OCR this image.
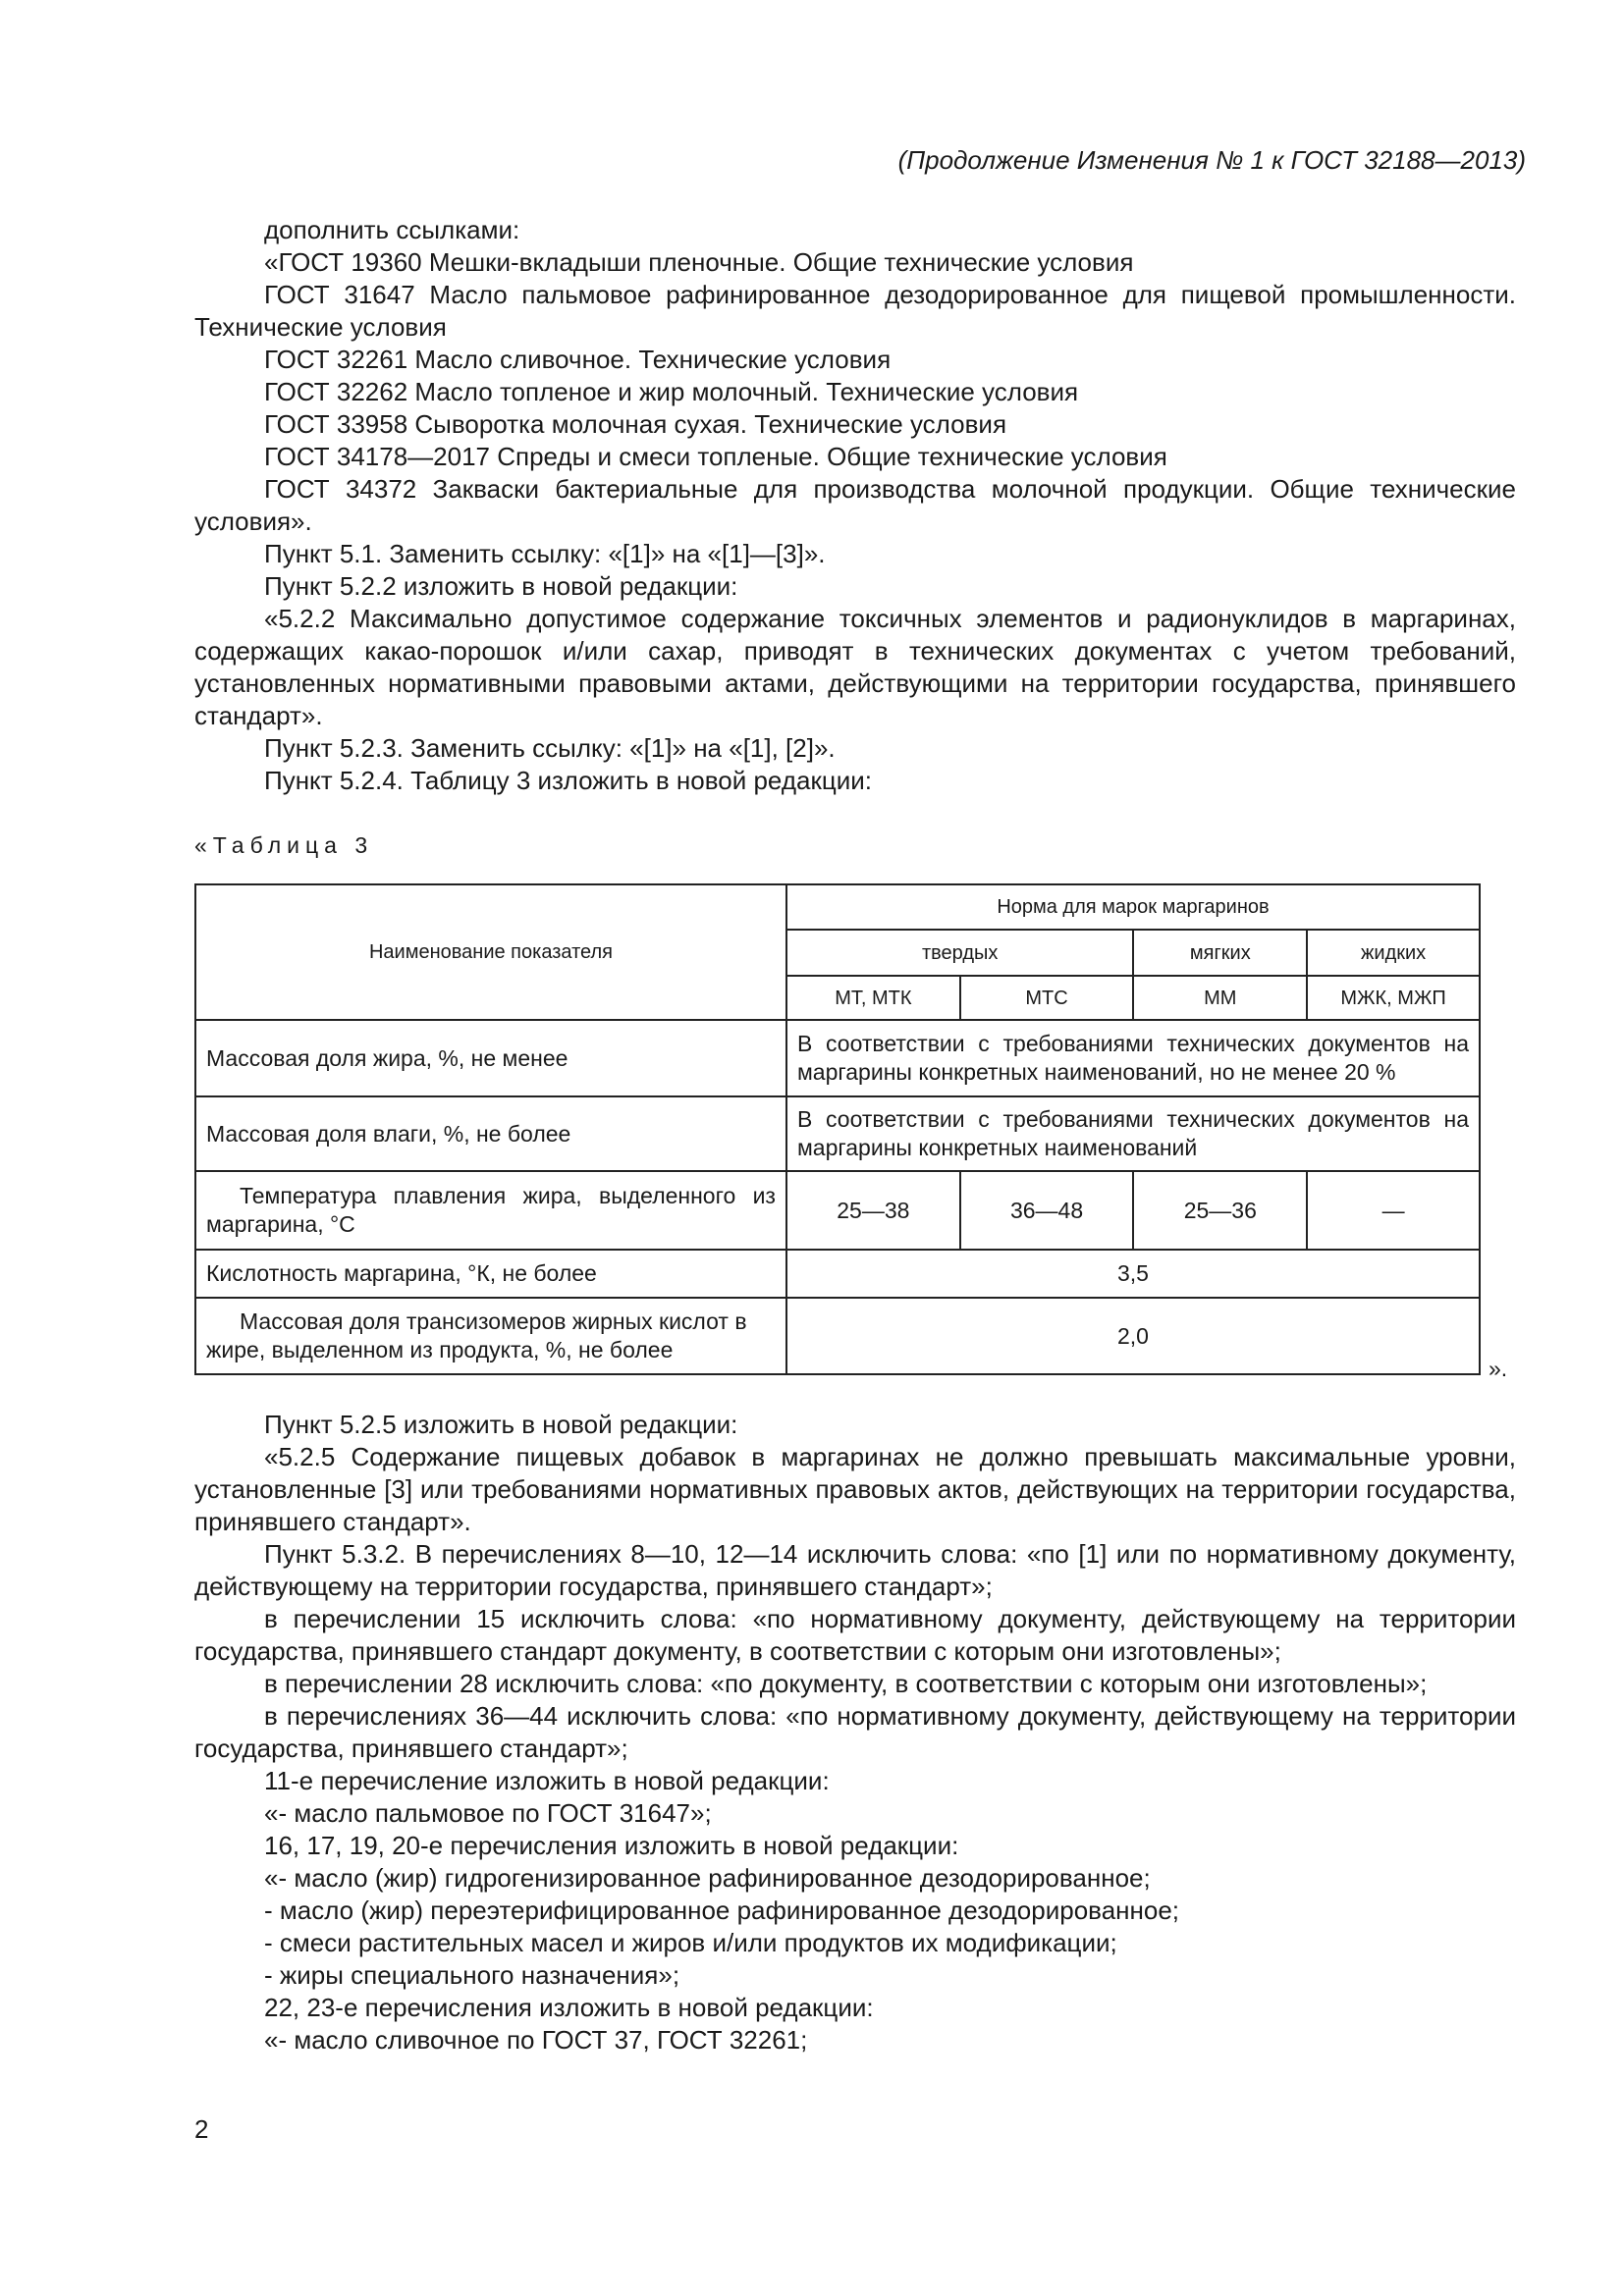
(Продолжение Изменения № 1 к ГОСТ 32188—2013)

дополнить ссылками:

«ГОСТ 19360 Мешки-вкладыши пленочные. Общие технические условия

ГОСТ 31647 Масло пальмовое рафинированное дезодорированное для пищевой промышленности. Технические условия

ГОСТ 32261 Масло сливочное. Технические условия

ГОСТ 32262 Масло топленое и жир молочный. Технические условия

ГОСТ 33958 Сыворотка молочная сухая. Технические условия

ГОСТ 34178—2017 Спреды и смеси топленые. Общие технические условия

ГОСТ 34372 Закваски бактериальные для производства молочной продукции. Общие технические условия».

Пункт 5.1. Заменить ссылку: «[1]» на «[1]—[3]».

Пункт 5.2.2 изложить в новой редакции:

«5.2.2 Максимально допустимое содержание токсичных элементов и радионуклидов в маргаринах, содержащих какао-порошок и/или сахар, приводят в технических документах с учетом требований, установленных нормативными правовыми актами, действующими на территории государства, принявшего стандарт».

Пункт 5.2.3. Заменить ссылку: «[1]» на «[1], [2]».

Пункт 5.2.4. Таблицу 3 изложить в новой редакции:

«Таблица 3
Наименование показателя	Норма для марок маргаринов			
	твердых		мягких	жидких
	МТ, МТК	МТС	ММ	МЖК, МЖП
Массовая доля жира, %, не менее	В соответствии с требованиями технических документов на маргарины конкретных наименований, но не менее 20 %			
Массовая доля влаги, %, не более	В соответствии с требованиями технических документов на маргарины конкретных наименований			
Температура плавления жира, выделенного из маргарина, °С	25—38	36—48	25—36	—
Кислотность маргарина, °К, не более	3,5			
Массовая доля трансизомеров жирных кислот в жире, выделенном из продукта, %, не более	2,0			
».

Пункт 5.2.5 изложить в новой редакции:

«5.2.5 Содержание пищевых добавок в маргаринах не должно превышать максимальные уровни, установленные [3] или требованиями нормативных правовых актов, действующих на территории государства, принявшего стандарт».

Пункт 5.3.2. В перечислениях 8—10, 12—14 исключить слова: «по [1] или по нормативному документу, действующему на территории государства, принявшего стандарт»;

в перечислении 15 исключить слова: «по нормативному документу, действующему на территории государства, принявшего стандарт документу, в соответствии с которым они изготовлены»;

в перечислении 28 исключить слова: «по документу, в соответствии с которым они изготовлены»;

в перечислениях 36—44 исключить слова: «по нормативному документу, действующему на территории государства, принявшего стандарт»;

11-е перечисление изложить в новой редакции:

«- масло пальмовое по ГОСТ 31647»;

16, 17, 19, 20-е перечисления изложить в новой редакции:

«- масло (жир) гидрогенизированное рафинированное дезодорированное;

- масло (жир) переэтерифицированное рафинированное дезодорированное;

- смеси растительных масел и жиров и/или продуктов их модификации;

- жиры специального назначения»;

22, 23-е перечисления изложить в новой редакции:

«- масло сливочное по ГОСТ 37, ГОСТ 32261;

2
